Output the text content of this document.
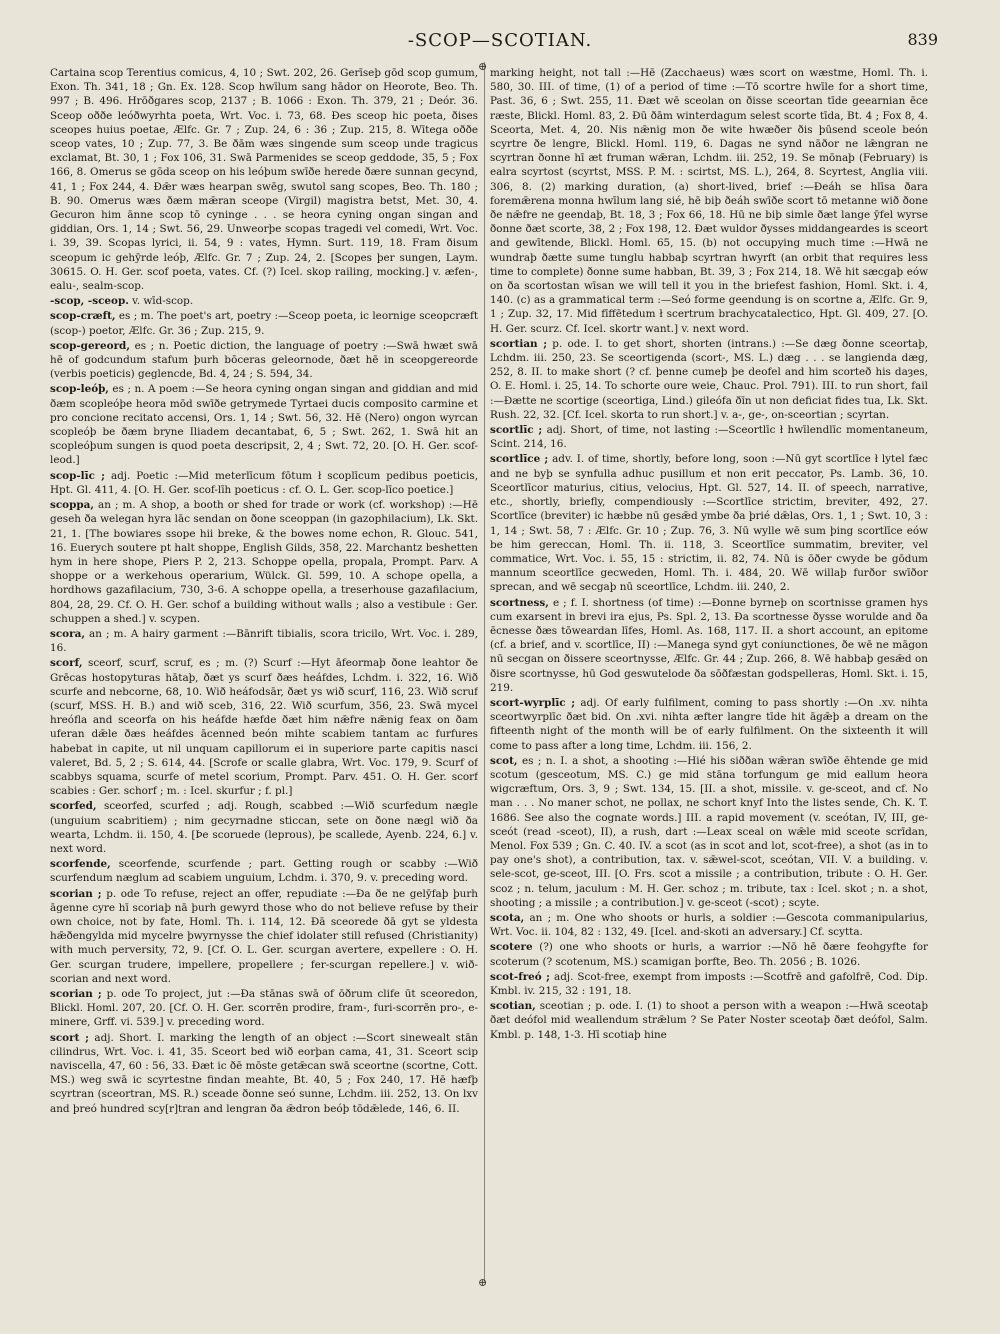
-SCOP—SCOTIAN.	839
⊕
⊕

Cartaina scop Terentius comicus, 4, 10 ; Swt. 202, 26. Gerīseþ gōd scop gumum, Exon. Th. 341, 18 ; Gn. Ex. 128. Scop hwīlum sang hādor on Heorote, Beo. Th. 997 ; B. 496. Hrōðgares scop, 2137 ; B. 1066 : Exon. Th. 379, 21 ; Deór. 36. Sceop oððe leóðwyrhta poeta, Wrt. Voc. i. 73, 68. Ðes sceop hic poeta, ðises sceopes huius poetae, Ælfc. Gr. 7 ; Zup. 24, 6 : 36 ; Zup. 215, 8. Wītega oððe sceop vates, 10 ; Zup. 77, 3. Be ðām wæs singende sum sceop unde tragicus exclamat, Bt. 30, 1 ; Fox 106, 31. Swā Parmenides se sceop geddode, 35, 5 ; Fox 166, 8. Omerus se gōda sceop on his leóþum swīðe herede ðære sunnan gecynd, 41, 1 ; Fox 244, 4. Ðǣr wæs hearpan swēg, swutol sang scopes, Beo. Th. 180 ; B. 90. Omerus wæs ðæm mǣran sceope (Virgil) magistra betst, Met. 30, 4. Gecuron him ānne scop tō cyninge . . . se heora cyning ongan singan and giddian, Ors. 1, 14 ; Swt. 56, 29. Unweorþe scopas tragedi vel comedi, Wrt. Voc. i. 39, 39. Scopas lyrici, ii. 54, 9 : vates, Hymn. Surt. 119, 18. Fram ðisum sceopum ic gehȳrde leóþ, Ælfc. Gr. 7 ; Zup. 24, 2. [Scopes þer sungen, Laym. 30615. O. H. Ger. scof poeta, vates. Cf. (?) Icel. skop railing, mocking.] v. æfen-, ealu-, sealm-scop.

-scop, -sceop. v. wīd-scop.

scop-cræft, es ; m. The poet's art, poetry :—Sceop poeta, ic leornige sceopcræft (scop-) poetor, Ælfc. Gr. 36 ; Zup. 215, 9.

scop-gereord, es ; n. Poetic diction, the language of poetry :—Swā hwæt swā hē of godcundum stafum þurh bōceras geleornode, ðæt hē in sceopgereorde (verbis poeticis) geglencde, Bd. 4, 24 ; S. 594, 34.

scop-leóþ, es ; n. A poem :—Se heora cyning ongan singan and giddian and mid ðæm scopleóþe heora mōd swīðe getrymede Tyrtaei ducis composito carmine et pro concione recitato accensi, Ors. 1, 14 ; Swt. 56, 32. Hē (Nero) ongon wyrcan scopleóþ be ðæm bryne Iliadem decantabat, 6, 5 ; Swt. 262, 1. Swā hit an scopleóþum sungen is quod poeta descripsit, 2, 4 ; Swt. 72, 20. [O. H. Ger. scof-leod.]

scop-līc ; adj. Poetic :—Mid meterlīcum fōtum ł scoplīcum pedibus poeticis, Hpt. Gl. 411, 4. [O. H. Ger. scof-līh poeticus : cf. O. L. Ger. scop-līco poetice.]

scoppa, an ; m. A shop, a booth or shed for trade or work (cf. workshop) :—Hē geseh ða welegan hyra lāc sendan on ðone sceoppan (in gazophilacium), Lk. Skt. 21, 1. [The bowiares ssope hii breke, & the bowes nome echon, R. Glouc. 541, 16. Euerych soutere pt halt shoppe, English Gilds, 358, 22. Marchantz beshetten hym in here shope, Piers P. 2, 213. Schoppe opella, propala, Prompt. Parv. A shoppe or a werkehous operarium, Wülck. Gl. 599, 10. A schope opella, a hordhows gazafilacium, 730, 3-6. A schoppe opella, a treserhouse gazafilacium, 804, 28, 29. Cf. O. H. Ger. schof a building without walls ; also a vestibule : Ger. schuppen a shed.] v. scypen.

scora, an ; m. A hairy garment :—Bānrift tibialis, scora tricilo, Wrt. Voc. i. 289, 16.

scorf, sceorf, scurf, scruf, es ; m. (?) Scurf :—Hyt āfeormaþ ðone leahtor ðe Grēcas hostopyturas hātaþ, ðæt ys scurf ðæs heáfdes, Lchdm. i. 322, 16. Wið scurfe and nebcorne, 68, 10. Wið heáfodsār, ðæt ys wið scurf, 116, 23. Wið scruf (scurf, MSS. H. B.) and wið sceb, 316, 22. Wið scurfum, 356, 23. Swā mycel hreófla and sceorfa on his heáfde hæfde ðæt him nǣfre nǣnig feax on ðam uferan dǣle ðæs heáfdes ācenned beón mihte scabiem tantam ac furfures habebat in capite, ut nil unquam capillorum ei in superiore parte capitis nasci valeret, Bd. 5, 2 ; S. 614, 44. [Scrofe or scalle glabra, Wrt. Voc. 179, 9. Scurf of scabbys squama, scurfe of metel scorium, Prompt. Parv. 451. O. H. Ger. scorf scabies : Ger. schorf ; m. : Icel. skurfur ; f. pl.]

scorfed, sceorfed, scurfed ; adj. Rough, scabbed :—Wið scurfedum nægle (unguium scabritiem) ; nim gecyrnadne sticcan, sete on ðone nægl wið ða wearta, Lchdm. ii. 150, 4. [Þe scoruede (leprous), þe scallede, Ayenb. 224, 6.] v. next word.

scorfende, sceorfende, scurfende ; part. Getting rough or scabby :—Wið scurfendum næglum ad scabiem unguium, Lchdm. i. 370, 9. v. preceding word.

scorian ; p. ode To refuse, reject an offer, repudiate :—Ða ðe ne gelȳfaþ þurh āgenne cyre hī scoriaþ nā þurh gewyrd those who do not believe refuse by their own choice, not by fate, Homl. Th. i. 114, 12. Ðā sceorede ðā gyt se yldesta hǣðengylda mid mycelre þwyrnysse the chief idolater still refused (Christianity) with much perversity, 72, 9. [Cf. O. L. Ger. scurgan avertere, expellere : O. H. Ger. scurgan trudere, impellere, propellere ; fer-scurgan repellere.] v. wið-scorian and next word.

scorian ; p. ode To project, jut :—Ða stānas swā of ōðrum clife ūt sceoredon, Blickl. Homl. 207, 20. [Cf. O. H. Ger. scorrēn prodire, fram-, furi-scorrēn pro-, e-minere, Grff. vi. 539.] v. preceding word.

scort ; adj. Short. I. marking the length of an object :—Scort sinewealt stān cilindrus, Wrt. Voc. i. 41, 35. Sceort bed wið eorþan cama, 41, 31. Sceort scip naviscella, 47, 60 : 56, 33. Ðæt ic ðē mōste getǣcan swā sceortne (scortne, Cott. MS.) weg swā ic scyrtestne findan meahte, Bt. 40, 5 ; Fox 240, 17. Hē hæfþ scyrtran (sceortran, MS. R.) sceade ðonne seó sunne, Lchdm. iii. 252, 13. On lxv and þreó hundred scy[r]tran and lengran ða ǣdron beóþ tōdǣlede, 146, 6. II.

marking height, not tall :—Hē (Zacchaeus) wæs scort on wæstme, Homl. Th. i. 580, 30. III. of time, (1) of a period of time :—Tō scortre hwīle for a short time, Past. 36, 6 ; Swt. 255, 11. Ðæt wē sceolan on ðisse sceortan tīde geearnian ēce ræste, Blickl. Homl. 83, 2. Ðū ðām winterdagum selest scorte tīda, Bt. 4 ; Fox 8, 4. Sceorta, Met. 4, 20. Nis nǣnig mon ðe wite hwæðer ðis þūsend sceole beón scyrtre ðe lengre, Blickl. Homl. 119, 6. Dagas ne synd nāðor ne lǣngran ne scyrtran ðonne hī æt fruman wǣran, Lchdm. iii. 252, 19. Se mōnaþ (February) is ealra scyrtost (scyrtst, MSS. P. M. : scirtst, MS. L.), 264, 8. Scyrtest, Anglia viii. 306, 8. (2) marking duration, (a) short-lived, brief :—Ðeáh se hlīsa ðara foremǣrena monna hwīlum lang sié, hē biþ ðeáh swīðe scort tō metanne wið ðone ðe nǣfre ne geendaþ, Bt. 18, 3 ; Fox 66, 18. Hū ne biþ simle ðæt lange ȳfel wyrse ðonne ðæt scorte, 38, 2 ; Fox 198, 12. Ðæt wuldor ðysses middangeardes is sceort and gewītende, Blickl. Homl. 65, 15. (b) not occupying much time :—Hwā ne wundraþ ðætte sume tunglu habbaþ scyrtran hwyrft (an orbit that requires less time to complete) ðonne sume habban, Bt. 39, 3 ; Fox 214, 18. Wē hit sæcgaþ eów on ða scortostan wīsan we will tell it you in the briefest fashion, Homl. Skt. i. 4, 140. (c) as a grammatical term :—Seó forme geendung is on scortne a, Ælfc. Gr. 9, 1 ; Zup. 32, 17. Mid fīffētedum ł scertrum brachycatalectico, Hpt. Gl. 409, 27. [O. H. Ger. scurz. Cf. Icel. skortr want.] v. next word.

scortian ; p. ode. I. to get short, shorten (intrans.) :—Se dæg ðonne sceortaþ, Lchdm. iii. 250, 23. Se sceortigenda (scort-, MS. L.) dæg . . . se langienda dæg, 252, 8. II. to make short (? cf. þenne cumeþ þe deofel and him scorteð his daȝes, O. E. Homl. i. 25, 14. To schorte oure weie, Chauc. Prol. 791). III. to run short, fail :—Ðætte ne scortige (sceortiga, Lind.) gileófa ðīn ut non deficiat fides tua, Lk. Skt. Rush. 22, 32. [Cf. Icel. skorta to run short.] v. a-, ge-, on-sceortian ; scyrtan.

scortlīc ; adj. Short, of time, not lasting :—Sceortlīc ł hwīlendlīc momentaneum, Scint. 214, 16.

scortlīce ; adv. I. of time, shortly, before long, soon :—Nū gyt scortlīce ł lytel fæc and ne byþ se synfulla adhuc pusillum et non erit peccator, Ps. Lamb. 36, 10. Sceortlīcor maturius, citius, velocius, Hpt. Gl. 527, 14. II. of speech, narrative, etc., shortly, briefly, compendiously :—Scortlīce strictim, breviter, 492, 27. Scortlīce (breviter) ic hæbbe nū gesǣd ymbe ða þrié dǣlas, Ors. 1, 1 ; Swt. 10, 3 : 1, 14 ; Swt. 58, 7 : Ælfc. Gr. 10 ; Zup. 76, 3. Nū wylle wē sum þing scortlīce eów be him gereccan, Homl. Th. ii. 118, 3. Sceortlīce summatim, breviter, vel commatice, Wrt. Voc. i. 55, 15 : strictim, ii. 82, 74. Nū is ōðer cwyde be gōdum mannum sceortlīce gecweden, Homl. Th. i. 484, 20. Wē willaþ furðor swīðor sprecan, and wē secgaþ nū sceortlīce, Lchdm. iii. 240, 2.

scortness, e ; f. I. shortness (of time) :—Ðonne byrneþ on scortnisse gramen hys cum exarsent in brevi ira ejus, Ps. Spl. 2, 13. Ða scortnesse ðysse worulde and ða ēcnesse ðæs tōweardan līfes, Homl. As. 168, 117. II. a short account, an epitome (cf. a brief, and v. scortlīce, II) :—Manega synd gyt coniunctiones, ðe wē ne māgon nū secgan on ðissere sceortnysse, Ælfc. Gr. 44 ; Zup. 266, 8. Wē habbaþ gesǣd on ðisre scortnysse, hū God geswutelode ða sōðfæstan godspelleras, Homl. Skt. i. 15, 219.

scort-wyrplīc ; adj. Of early fulfilment, coming to pass shortly :—On .xv. nihta sceortwyrplīc ðæt bid. On .xvi. nihta æfter langre tīde hit āgǣþ a dream on the fifteenth night of the month will be of early fulfilment. On the sixteenth it will come to pass after a long time, Lchdm. iii. 156, 2.

scot, es ; n. I. a shot, a shooting :—Hié his siððan wǣran swīðe ēhtende ge mid scotum (gesceotum, MS. C.) ge mid stāna torfungum ge mid eallum heora wigcræftum, Ors. 3, 9 ; Swt. 134, 15. [II. a shot, missile. v. ge-sceot, and cf. No man . . . No maner schot, ne pollax, ne schort knyf Into the listes sende, Ch. K. T. 1686. See also the cognate words.] III. a rapid movement (v. sceótan, IV, III, ge-sceót (read -sceot), II), a rush, dart :—Leax sceal on wǣle mid sceote scrīdan, Menol. Fox 539 ; Gn. C. 40. IV. a scot (as in scot and lot, scot-free), a shot (as in to pay one's shot), a contribution, tax. v. sǣwel-scot, sceótan, VII. V. a building. v. sele-scot, ge-sceot, III. [O. Frs. scot a missile ; a contribution, tribute : O. H. Ger. scoz ; n. telum, jaculum : M. H. Ger. schoz ; m. tribute, tax : Icel. skot ; n. a shot, shooting ; a missile ; a contribution.] v. ge-sceot (-scot) ; scyte.

scota, an ; m. One who shoots or hurls, a soldier :—Gescota commanipularius, Wrt. Voc. ii. 104, 82 : 132, 49. [Icel. and-skoti an adversary.] Cf. scytta.

scotere (?) one who shoots or hurls, a warrior :—Nō hē ðære feohgyfte for scoterum (? scotenum, MS.) scamigan þorfte, Beo. Th. 2056 ; B. 1026.

scot-freó ; adj. Scot-free, exempt from imposts :—Scotfrē and gafolfrē, Cod. Dip. Kmbl. iv. 215, 32 : 191, 18.

scotian, sceotian ; p. ode. I. (1) to shoot a person with a weapon :—Hwā sceotaþ ðæt deófol mid weallendum strǣlum ? Se Pater Noster sceotaþ ðæt deófol, Salm. Kmbl. p. 148, 1-3. Hī scotiaþ hine
